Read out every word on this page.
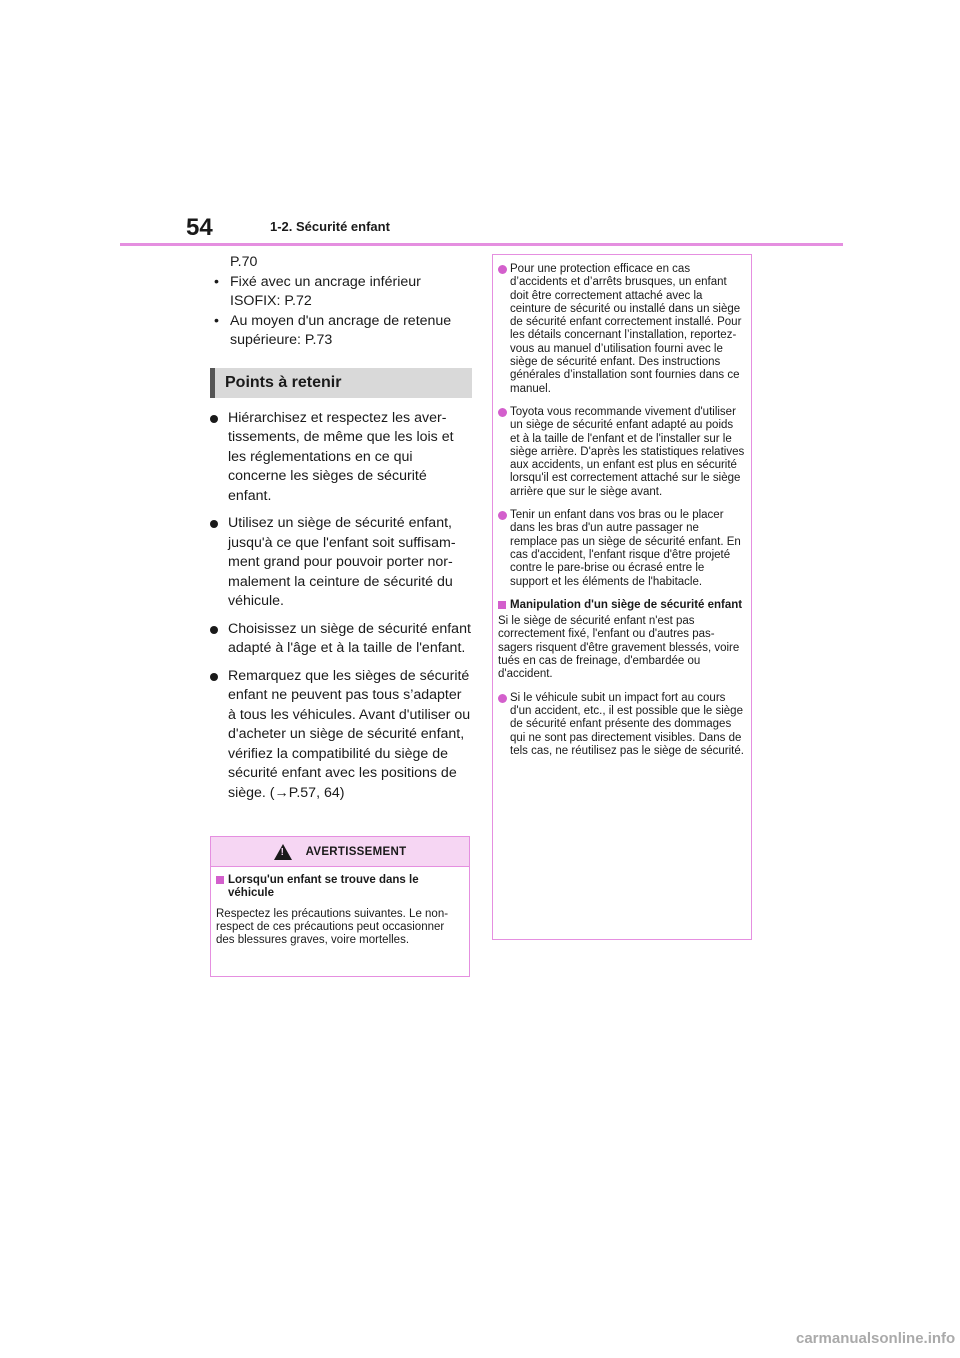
54	1-2. Sécurité enfant
P.70
• Fixé avec un ancrage inférieur
ISOFIX: P.72
• Au moyen d'un ancrage de retenue
supérieure: P.73
Points à retenir
Hiérarchisez et respectez les avertissements, de même que les lois et les réglementations en ce qui concerne les sièges de sécurité enfant.
Utilisez un siège de sécurité enfant, jusqu'à ce que l'enfant soit suffisamment grand pour pouvoir porter normalement la ceinture de sécurité du véhicule.
Choisissez un siège de sécurité enfant adapté à l'âge et à la taille de l'enfant.
Remarquez que les sièges de sécurité enfant ne peuvent pas tous s’adapter à tous les véhicules. Avant d'utiliser ou d'acheter un siège de sécurité enfant, vérifiez la compatibilité du siège de sécurité enfant avec les positions de siège. (→P.57, 64)
! AVERTISSEMENT
Lorsqu'un enfant se trouve dans le véhicule
Respectez les précautions suivantes. Le non-respect de ces précautions peut occasionner des blessures graves, voire mortelles.
Pour une protection efficace en cas d’accidents et d’arrêts brusques, un enfant doit être correctement attaché avec la ceinture de sécurité ou installé dans un siège de sécurité enfant correctement installé. Pour les détails concernant l’installation, reportez-vous au manuel d’utilisation fourni avec le siège de sécurité enfant. Des instructions générales d’installation sont fournies dans ce manuel.
Toyota vous recommande vivement d'utiliser un siège de sécurité enfant adapté au poids et à la taille de l'enfant et de l'installer sur le siège arrière. D'après les statistiques relatives aux accidents, un enfant est plus en sécurité lorsqu'il est correctement attaché sur le siège arrière que sur le siège avant.
Tenir un enfant dans vos bras ou le placer dans les bras d'un autre passager ne remplace pas un siège de sécurité enfant. En cas d'accident, l'enfant risque d'être projeté contre le pare-brise ou écrasé entre le support et les éléments de l'habitacle.
Manipulation d'un siège de sécurité enfant
Si le siège de sécurité enfant n'est pas correctement fixé, l'enfant ou d'autres passagers risquent d'être gravement blessés, voire tués en cas de freinage, d'embardée ou d'accident.
Si le véhicule subit un impact fort au cours d'un accident, etc., il est possible que le siège de sécurité enfant présente des dommages qui ne sont pas directement visibles. Dans de tels cas, ne réutilisez pas le siège de sécurité.
carmanualsonline.info
